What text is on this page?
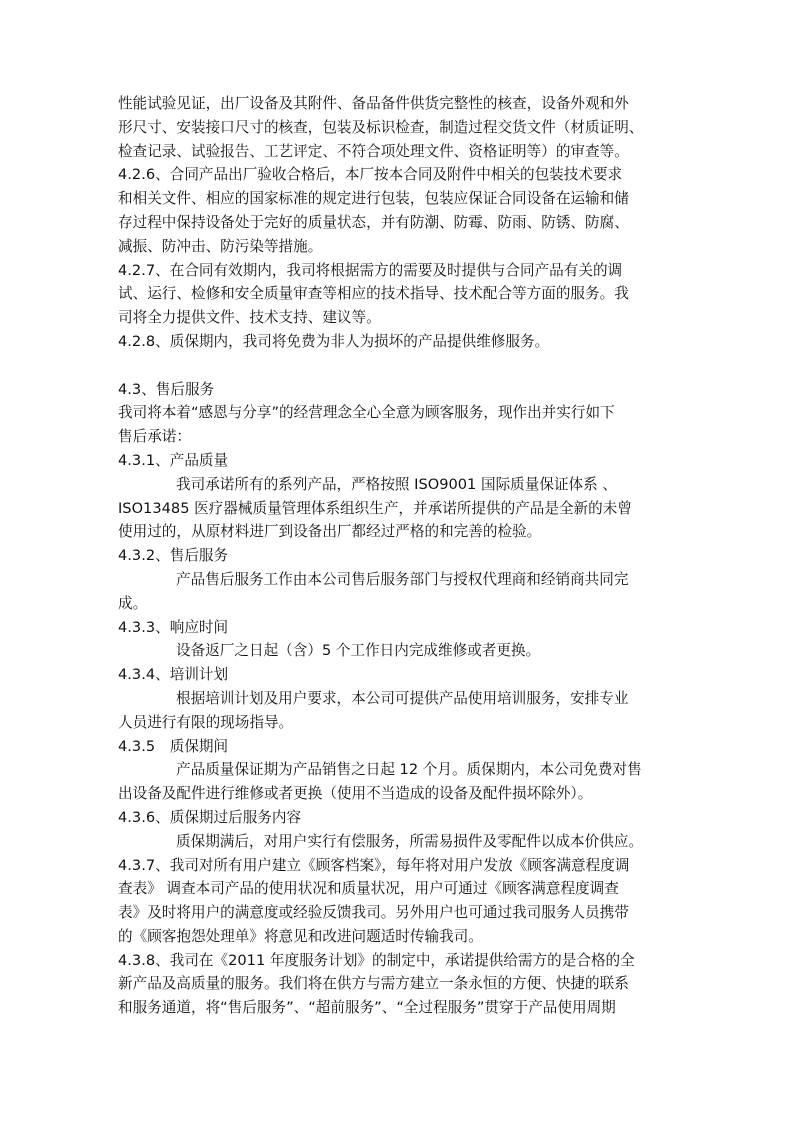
性能试验见证，出厂设备及其附件、备品备件供货完整性的核查，设备外观和外
形尺寸、安装接口尺寸的核查，包装及标识检查，制造过程交货文件（材质证明、
检查记录、试验报告、工艺评定、不符合项处理文件、资格证明等）的审查等。
4.2.6、合同产品出厂验收合格后，本厂按本合同及附件中相关的包装技术要求
和相关文件、相应的国家标准的规定进行包装，包装应保证合同设备在运输和储
存过程中保持设备处于完好的质量状态，并有防潮、防霉、防雨、防锈、防腐、
减振、防冲击、防污染等措施。
4.2.7、在合同有效期内，我司将根据需方的需要及时提供与合同产品有关的调
试、运行、检修和安全质量审查等相应的技术指导、技术配合等方面的服务。我
司将全力提供文件、技术支持、建议等。
4.2.8、质保期内，我司将免费为非人为损坏的产品提供维修服务。
4.3、售后服务
我司将本着“感恩与分享”的经营理念全心全意为顾客服务，现作出并实行如下
售后承诺：
4.3.1、产品质量
我司承诺所有的系列产品，严格按照 ISO9001 国际质量保证体系 、
ISO13485 医疗器械质量管理体系组织生产，并承诺所提供的产品是全新的未曾
使用过的，从原材料进厂到设备出厂都经过严格的和完善的检验。
4.3.2、售后服务
产品售后服务工作由本公司售后服务部门与授权代理商和经销商共同完
成。
4.3.3、响应时间
设备返厂之日起（含）5 个工作日内完成维修或者更换。
4.3.4、培训计划
根据培训计划及用户要求，本公司可提供产品使用培训服务，安排专业
人员进行有限的现场指导。
4.3.5　质保期间
产品质量保证期为产品销售之日起 12 个月。质保期内，本公司免费对售
出设备及配件进行维修或者更换（使用不当造成的设备及配件损坏除外）。
4.3.6、质保期过后服务内容
质保期满后，对用户实行有偿服务，所需易损件及零配件以成本价供应。
4.3.7、我司对所有用户建立《顾客档案》，每年将对用户发放《顾客满意程度调
查表》 调查本司产品的使用状况和质量状况，用户可通过《顾客满意程度调查
表》及时将用户的满意度或经验反馈我司。另外用户也可通过我司服务人员携带
的《顾客抱怨处理单》将意见和改进问题适时传输我司。
4.3.8、我司在《2011 年度服务计划》的制定中，承诺提供给需方的是合格的全
新产品及高质量的服务。我们将在供方与需方建立一条永恒的方便、快捷的联系
和服务通道，将“售后服务”、“超前服务”、“全过程服务”贯穿于产品使用周期
